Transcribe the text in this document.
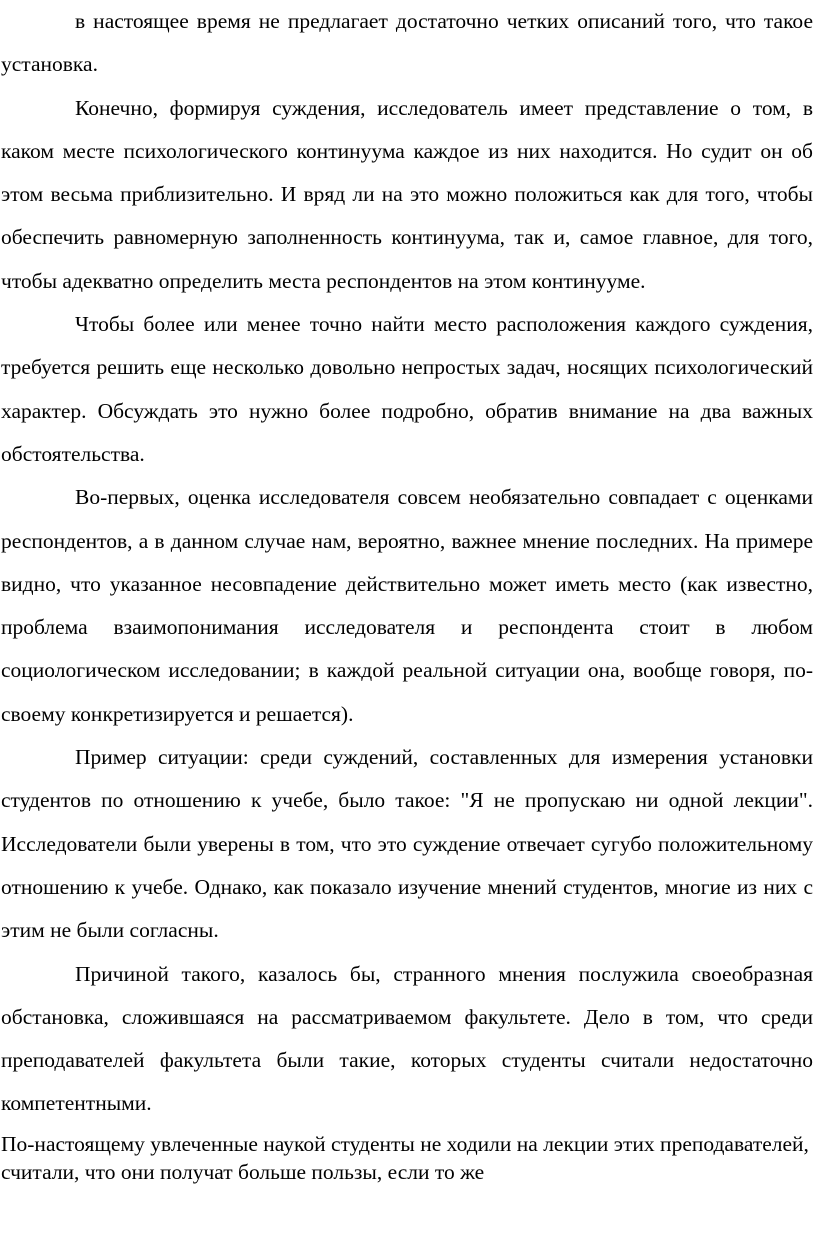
в настоящее время не предлагает достаточно четких описаний того, что такое установка.

Конечно, формируя суждения, исследователь имеет представление о том, в каком месте психологического континуума каждое из них находится. Но судит он об этом весьма приблизительно. И вряд ли на это можно положиться как для того, чтобы обеспечить равномерную заполненность континуума, так и, самое главное, для того, чтобы адекватно определить места респондентов на этом континууме.

Чтобы более или менее точно найти место расположения каждого суждения, требуется решить еще несколько довольно непростых задач, носящих психологический характер. Обсуждать это нужно более подробно, обратив внимание на два важных обстоятельства.

Во-первых, оценка исследователя совсем необязательно совпадает с оценками респондентов, а в данном случае нам, вероятно, важнее мнение последних. На примере видно, что указанное несовпадение действительно может иметь место (как известно, проблема взаимопонимания исследователя и респондента стоит в любом социологическом исследовании; в каждой реальной ситуации она, вообще говоря, по-своему конкретизируется и решается).

Пример ситуации: среди суждений, составленных для измерения установки студентов по отношению к учебе, было такое: "Я не пропускаю ни одной лекции". Исследователи были уверены в том, что это суждение отвечает сугубо положительному отношению к учебе. Однако, как показало изучение мнений студентов, многие из них с этим не были согласны.

Причиной такого, казалось бы, странного мнения послужила своеобразная обстановка, сложившаяся на рассматриваемом факультете. Дело в том, что среди преподавателей факультета были такие, которых студенты считали недостаточно компетентными.

По-настоящему увлеченные наукой студенты не ходили на лекции этих преподавателей, считали, что они получат больше пользы, если то же
